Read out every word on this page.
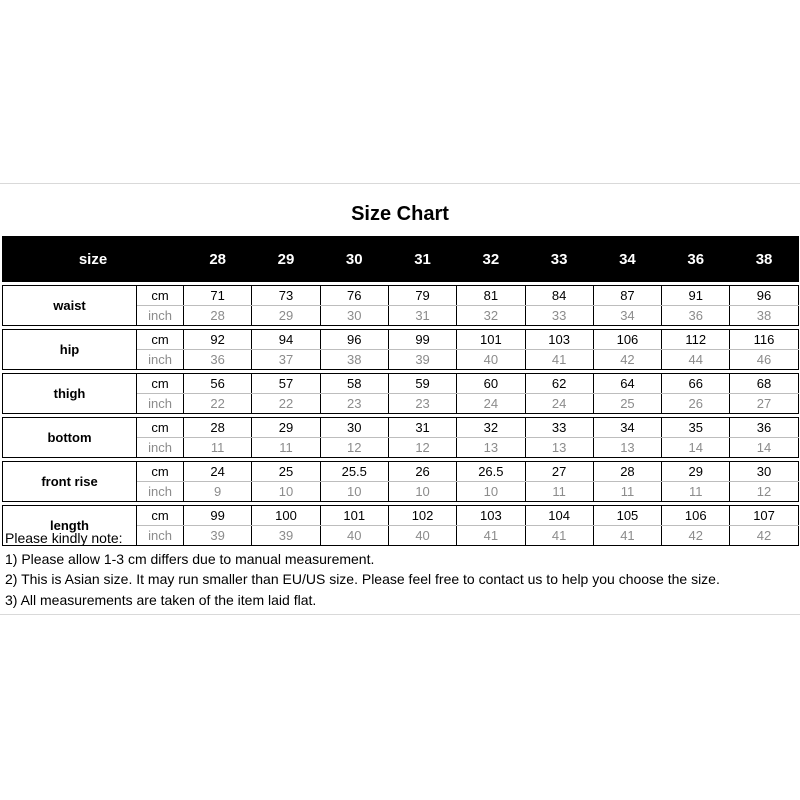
Size Chart
size		28	29	30	31	32	33	34	36	38

waist	cm	71	73	76	79	81	84	87	91	96
	inch	28	29	30	31	32	33	34	36	38

hip	cm	92	94	96	99	101	103	106	112	116
	inch	36	37	38	39	40	41	42	44	46

thigh	cm	56	57	58	59	60	62	64	66	68
	inch	22	22	23	23	24	24	25	26	27

bottom	cm	28	29	30	31	32	33	34	35	36
	inch	11	11	12	12	13	13	13	14	14

front rise	cm	24	25	25.5	26	26.5	27	28	29	30
	inch	9	10	10	10	10	11	11	11	12

length	cm	99	100	101	102	103	104	105	106	107
	inch	39	39	40	40	41	41	41	42	42
Please kindly note:
1) Please allow 1-3 cm differs due to manual measurement.
2) This is Asian size. It may run smaller than EU/US size. Please feel free to contact us to help you choose the size.
3) All measurements are taken of the item laid flat.
